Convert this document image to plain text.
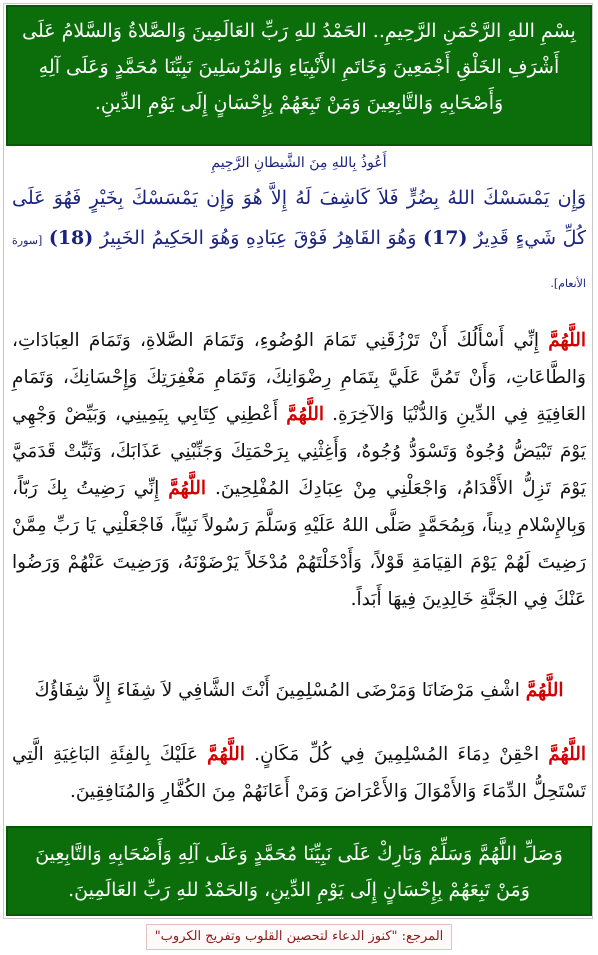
بِسْمِ اللهِ الرَّحْمَنِ الرَّحِيمِ.. الحَمْدُ للهِ رَبِّ العَالَمِينَ وَالصَّلاةُ وَالسَّلامُ عَلَى أَشْرَفِ الخَلْقِ أَجْمَعِينَ وَخَاتَمِ الأَنْبِيَاءِ وَالمُرْسَلِينَ نَبِيِّنَا مُحَمَّدٍ وَعَلَى آلِهِ وَأَصْحَابِهِ وَالتَّابِعِينَ وَمَنْ تَبِعَهُمْ بِإِحْسَانٍ إِلَى يَوْمِ الدِّينِ.
أَعُوذُ بِاللهِ مِنَ الشَّيطانِ الرَّجِيمِ
وَإِن يَمْسَسْكَ اللهُ بِضُرٍّ فَلاَ كَاشِفَ لَهُ إِلاَّ هُوَ وَإِن يَمْسَسْكَ بِخَيْرٍ فَهُوَ عَلَى كُلِّ شَيءٍ قَدِيرٌ (17) وَهُوَ القَاهِرُ فَوْقَ عِبَادِهِ وَهُوَ الحَكِيمُ الخَبِيرُ (18) [سورة الأنعام].
اللَّهُمَّ إِنِّي أَسْأَلُكَ أَنْ تَرْزُقَنِي تَمَامَ الوُضُوءِ، وَتَمَامَ الصَّلاةِ، وَتَمَامَ العِبَادَاتِ، وَالطَّاعَاتِ، وَأَنْ تَمُنَّ عَلَيَّ بِتَمَامِ رِضْوَانِكَ، وَتَمَامِ مَغْفِرَتِكَ وَإِحْسَانِكَ، وَتَمَامِ العَافِيَةِ فِي الدِّينِ وَالدُّنْيَا وَالآخِرَةِ. اللَّهُمَّ أَعْطِنِي كِتَابِي بِيَمِينِي، وَبَيِّضْ وَجْهِي يَوْمَ تَبْيَضُّ وُجُوهٌ وَتَسْوَدُّ وُجُوهٌ، وَأَغِثْنِي بِرَحْمَتِكَ وَجَنِّبْنِي عَذَابَكَ، وَثَبِّتْ قَدَمَيَّ يَوْمَ تَزِلُّ الأَقْدَامُ، وَاجْعَلْنِي مِنْ عِبَادِكَ المُفْلِحِينَ. اللَّهُمَّ إِنِّي رَضِيتُ بِكَ رَبّاً، وَبِالإِسْلامِ دِيناً، وَبِمُحَمَّدٍ صَلَّى اللهُ عَلَيْهِ وَسَلَّمَ رَسُولاً نَبِيّاً، فَاجْعَلْنِي يَا رَبِّ مِمَّنْ رَضِيتَ لَهُمْ يَوْمَ القِيَامَةِ قَوْلاً، وَأَدْخَلْتَهُمْ مُدْخَلاً يَرْضَوْنَهُ، وَرَضِيتَ عَنْهُمْ وَرَضُوا عَنْكَ فِي الجَنَّةِ خَالِدِينَ فِيهَا أَبَداً.
اللَّهُمَّ اشْفِ مَرْضَانَا وَمَرْضَى المُسْلِمِينَ أَنْتَ الشَّافِي لاَ شِفَاءَ إِلاَّ شِفَاؤُكَ
اللَّهُمَّ احْقِنْ دِمَاءَ المُسْلِمِينَ فِي كُلِّ مَكَانٍ. اللَّهُمَّ عَلَيْكَ بِالفِئَةِ البَاغِيَةِ الَّتِي تَسْتَحِلُّ الدِّمَاءَ وَالأَمْوَالَ وَالأَعْرَاضَ وَمَنْ أَعَانَهُمْ مِنَ الكُفَّارِ وَالمُنَافِقِينَ.
وَصَلِّ اللَّهُمَّ وَسَلِّمْ وَبَارِكْ عَلَى نَبِيِّنَا مُحَمَّدٍ وَعَلَى آلِهِ وَأَصْحَابِهِ وَالتَّابِعِينَ وَمَنْ تَبِعَهُمْ بِإِحْسَانٍ إِلَى يَوْمِ الدِّينِ، وَالحَمْدُ للهِ رَبِّ العَالَمِينَ.
المرجع: "كنوز الدعاء لتحصين القلوب وتفريج الكروب"
